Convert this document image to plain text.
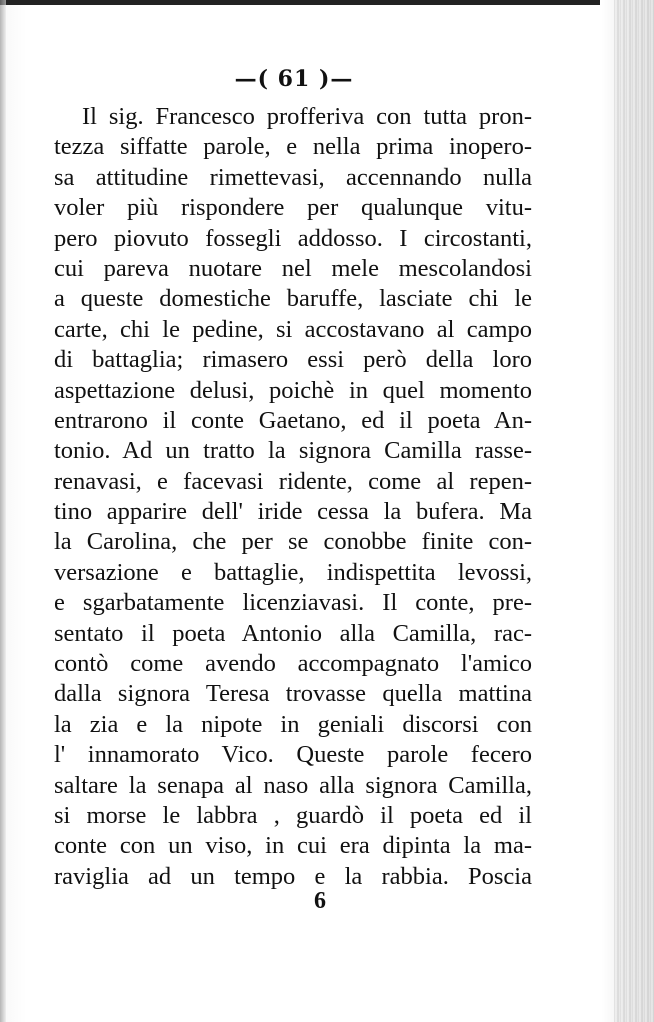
—( 61 )—
Il sig. Francesco profferiva con tutta pron-
tezza siffatte parole, e nella prima inopero-
sa attitudine rimettevasi, accennando nulla
voler più rispondere per qualunque vitu-
pero piovuto fossegli addosso. I circostanti,
cui pareva nuotare nel mele mescolandosi
a queste domestiche baruffe, lasciate chi le
carte, chi le pedine, si accostavano al campo
di battaglia; rimasero essi però della loro
aspettazione delusi, poichè in quel momento
entrarono il conte Gaetano, ed il poeta An-
tonio. Ad un tratto la signora Camilla rasse-
renavasi, e facevasi ridente, come al repen-
tino apparire dell' iride cessa la bufera. Ma
la Carolina, che per se conobbe finite con-
versazione e battaglie, indispettita levossi,
e sgarbatamente licenziavasi. Il conte, pre-
sentato il poeta Antonio alla Camilla, rac-
contò come avendo accompagnato l'amico
dalla signora Teresa trovasse quella mattina
la zia e la nipote in geniali discorsi con
l' innamorato Vico. Queste parole fecero
saltare la senapa al naso alla signora Camilla,
si morse le labbra , guardò il poeta ed il
conte con un viso, in cui era dipinta la ma-
raviglia ad un tempo e la rabbia. Poscia
6
